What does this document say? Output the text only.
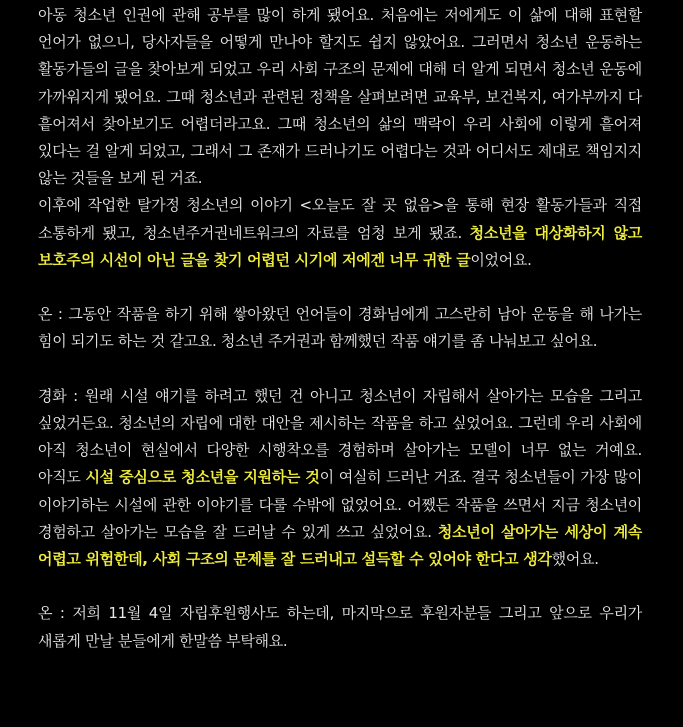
아동 청소년 인권에 관해 공부를 많이 하게 됐어요. 처음에는 저에게도 이 삶에 대해 표현할 언어가 없으니, 당사자들을 어떻게 만나야 할지도 쉽지 않았어요. 그러면서 청소년 운동하는 활동가들의 글을 찾아보게 되었고 우리 사회 구조의 문제에 대해 더 알게 되면서 청소년 운동에 가까워지게 됐어요. 그때 청소년과 관련된 정책을 살펴보려면 교육부, 보건복지, 여가부까지 다 흩어져서 찾아보기도 어렵더라고요. 그때 청소년의 삶의 맥락이 우리 사회에 이렇게 흩어져 있다는 걸 알게 되었고, 그래서 그 존재가 드러나기도 어렵다는 것과 어디서도 제대로 책임지지 않는 것들을 보게 된 거죠.

이후에 작업한 탈가정 청소년의 이야기 <오늘도 잘 곳 없음>을 통해 현장 활동가들과 직접 소통하게 됐고, 청소년주거권네트워크의 자료를 엄청 보게 됐죠. 청소년을 대상화하지 않고 보호주의 시선이 아닌 글을 찾기 어렵던 시기에 저에겐 너무 귀한 글이었어요.

온 : 그동안 작품을 하기 위해 쌓아왔던 언어들이 경화님에게 고스란히 남아 운동을 해 나가는 힘이 되기도 하는 것 같고요. 청소년 주거권과 함께했던 작품 얘기를 좀 나눠보고 싶어요.

경화 : 원래 시설 얘기를 하려고 했던 건 아니고 청소년이 자립해서 살아가는 모습을 그리고 싶었거든요. 청소년의 자립에 대한 대안을 제시하는 작품을 하고 싶었어요. 그런데 우리 사회에 아직 청소년이 현실에서 다양한 시행착오를 경험하며 살아가는 모델이 너무 없는 거예요. 아직도 시설 중심으로 청소년을 지원하는 것이 여실히 드러난 거죠. 결국 청소년들이 가장 많이 이야기하는 시설에 관한 이야기를 다룰 수밖에 없었어요. 어쨌든 작품을 쓰면서 지금 청소년이 경험하고 살아가는 모습을 잘 드러날 수 있게 쓰고 싶었어요. 청소년이 살아가는 세상이 계속 어렵고 위험한데, 사회 구조의 문제를 잘 드러내고 설득할 수 있어야 한다고 생각했어요.

온 : 저희 11월 4일 자립후원행사도 하는데, 마지막으로 후원자분들 그리고 앞으로 우리가 새롭게 만날 분들에게 한말씀 부탁해요.
